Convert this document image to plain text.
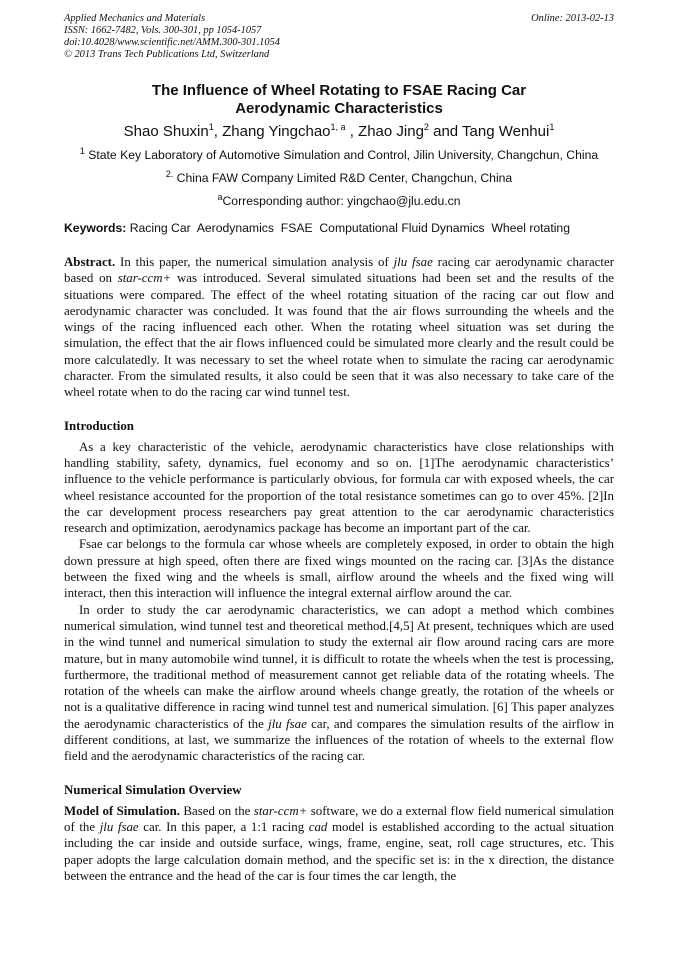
Applied Mechanics and Materials
ISSN: 1662-7482, Vols. 300-301, pp 1054-1057
doi:10.4028/www.scientific.net/AMM.300-301.1054
© 2013 Trans Tech Publications Ltd, Switzerland
Online: 2013-02-13
The Influence of Wheel Rotating to FSAE Racing Car
Aerodynamic Characteristics
Shao Shuxin$^1$, Zhang Yingchao$^{1, a}$ , Zhao Jing$^2$ and Tang Wenhui$^1$
$^1$ State Key Laboratory of Automotive Simulation and Control, Jilin University, Changchun, China
$^{2.}$ China FAW Company Limited R&D Center, Changchun, China
$^a$Corresponding author: yingchao@jlu.edu.cn
Keywords: Racing Car  Aerodynamics  FSAE  Computational Fluid Dynamics  Wheel rotating

Abstract. In this paper, the numerical simulation analysis of jlu fsae racing car aerodynamic character based on star-ccm+ was introduced. Several simulated situations had been set and the results of the situations were compared. The effect of the wheel rotating situation of the racing car out flow and aerodynamic character was concluded. It was found that the air flows surrounding the wheels and the wings of the racing influenced each other. When the rotating wheel situation was set during the simulation, the effect that the air flows influenced could be simulated more clearly and the result could be more calculatedly. It was necessary to set the wheel rotate when to simulate the racing car aerodynamic character. From the simulated results, it also could be seen that it was also necessary to take care of the wheel rotate when to do the racing car wind tunnel test.

Introduction

As a key characteristic of the vehicle, aerodynamic characteristics have close relationships with handling stability, safety, dynamics, fuel economy and so on. [1]The aerodynamic characteristics’ influence to the vehicle performance is particularly obvious, for formula car with exposed wheels, the car wheel resistance accounted for the proportion of the total resistance sometimes can go to over 45%. [2]In the car development process researchers pay great attention to the car aerodynamic characteristics research and optimization, aerodynamics package has become an important part of the car.

Fsae car belongs to the formula car whose wheels are completely exposed, in order to obtain the high down pressure at high speed, often there are fixed wings mounted on the racing car. [3]As the distance between the fixed wing and the wheels is small, airflow around the wheels and the fixed wing will interact, then this interaction will influence the integral external airflow around the car.

In order to study the car aerodynamic characteristics, we can adopt a method which combines numerical simulation, wind tunnel test and theoretical method.[4,5] At present, techniques which are used in the wind tunnel and numerical simulation to study the external air flow around racing cars are more mature, but in many automobile wind tunnel, it is difficult to rotate the wheels when the test is processing, furthermore, the traditional method of measurement cannot get reliable data of the rotating wheels. The rotation of the wheels can make the airflow around wheels change greatly, the rotation of the wheels or not is a qualitative difference in racing wind tunnel test and numerical simulation. [6] This paper analyzes the aerodynamic characteristics of the jlu fsae car, and compares the simulation results of the airflow in different conditions, at last, we summarize the influences of the rotation of wheels to the external flow field and the aerodynamic characteristics of the racing car.

Numerical Simulation Overview

Model of Simulation. Based on the star-ccm+ software, we do a external flow field numerical simulation of the jlu fsae car. In this paper, a 1:1 racing cad model is established according to the actual situation including the car inside and outside surface, wings, frame, engine, seat, roll cage structures, etc. This paper adopts the large calculation domain method, and the specific set is: in the x direction, the distance between the entrance and the head of the car is four times the car length, the
